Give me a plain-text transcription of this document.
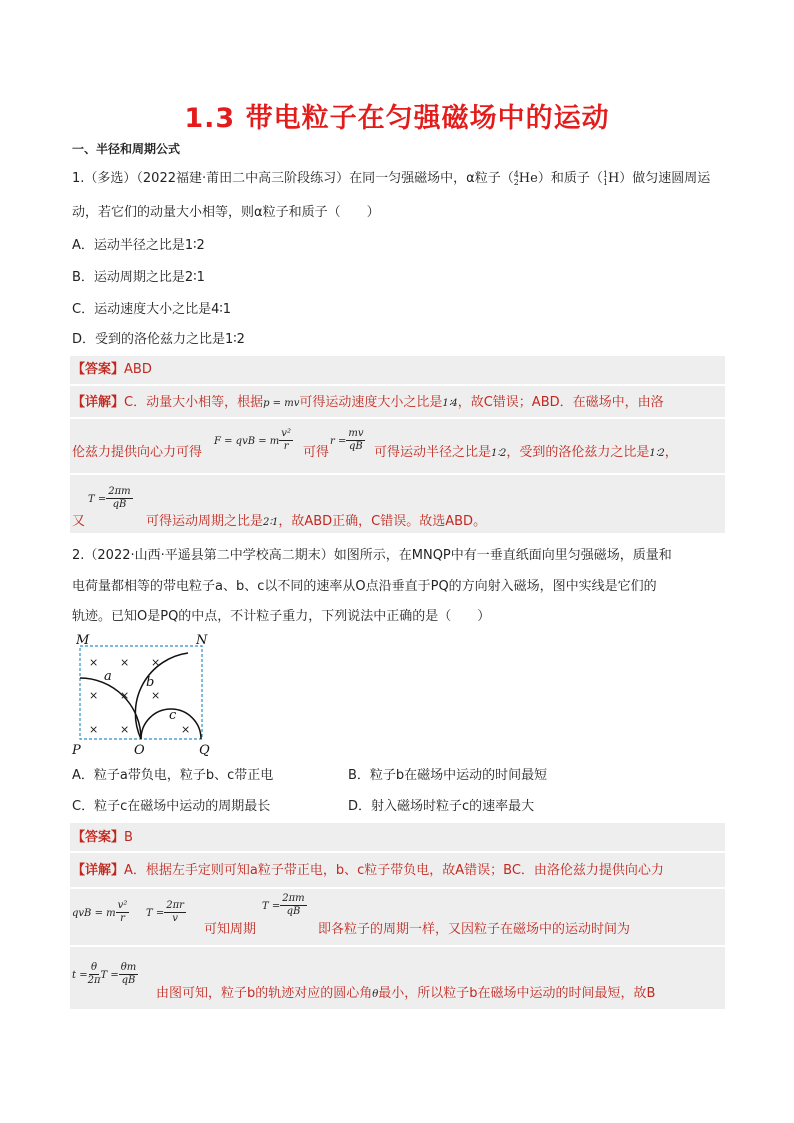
1.3 带电粒子在匀强磁场中的运动
一、半径和周期公式
1.（多选）（2022福建·莆田二中高三阶段练习）在同一匀强磁场中，α粒子（ 4
2 He）和质子（ 1
1 H）做匀速圆周运
动，若它们的动量大小相等，则α粒子和质子（　　）
A．运动半径之比是1∶2
B．运动周期之比是2∶1
C．运动速度大小之比是4∶1
D．受到的洛伦兹力之比是1∶2
【答案】ABD
【详解】C．动量大小相等，根据p = mv可得运动速度大小之比是1∶4，故C错误；ABD．在磁场中，由洛
伦兹力提供向心力可得
F = qvB = m $\frac{\text{v²}}{r}$ 可得
$r = \frac{mv}{qB}$ 可得运动半径之比是1∶2，受到的洛伦兹力之比是1∶2，
又
$T = \frac{2\pi m}{qB}$
可得运动周期之比是2∶1，故ABD正确，C错误。故选ABD。
2.（2022·山西·平遥县第二中学校高二期末）如图所示，在MNQP中有一垂直纸面向里匀强磁场，质量和
电荷量都相等的带电粒子a、b、c以不同的速率从O点沿垂直于PQ的方向射入磁场，图中实线是它们的
轨迹。已知O是PQ的中点，不计粒子重力，下列说法中正确的是（　　）
× × ×
× × ×
× ×	×
M	N
P	O	Q
a	b
c
A．粒子a带负电，粒子b、c带正电	B．粒子b在磁场中运动的时间最短
C．粒子c在磁场中运动的周期最长	D．射入磁场时粒子c的速率最大
【答案】B
【详解】A．根据左手定则可知a粒子带正电，b、c粒子带负电，故A错误；BC．由洛伦兹力提供向心力
qvB = m $\frac{\text{v²}}{r}$ $T = \frac{2\pi r}{v}$
可知周期
$T = \frac{2\pi m}{qB}$
即各粒子的周期一样，又因粒子在磁场中的运动时间为
$t = \frac{\theta}{2\pi}$ $T = \frac{\theta m}{qB}$
由图可知，粒子b的轨迹对应的圆心角θ最小，所以粒子b在磁场中运动的时间最短，故B
